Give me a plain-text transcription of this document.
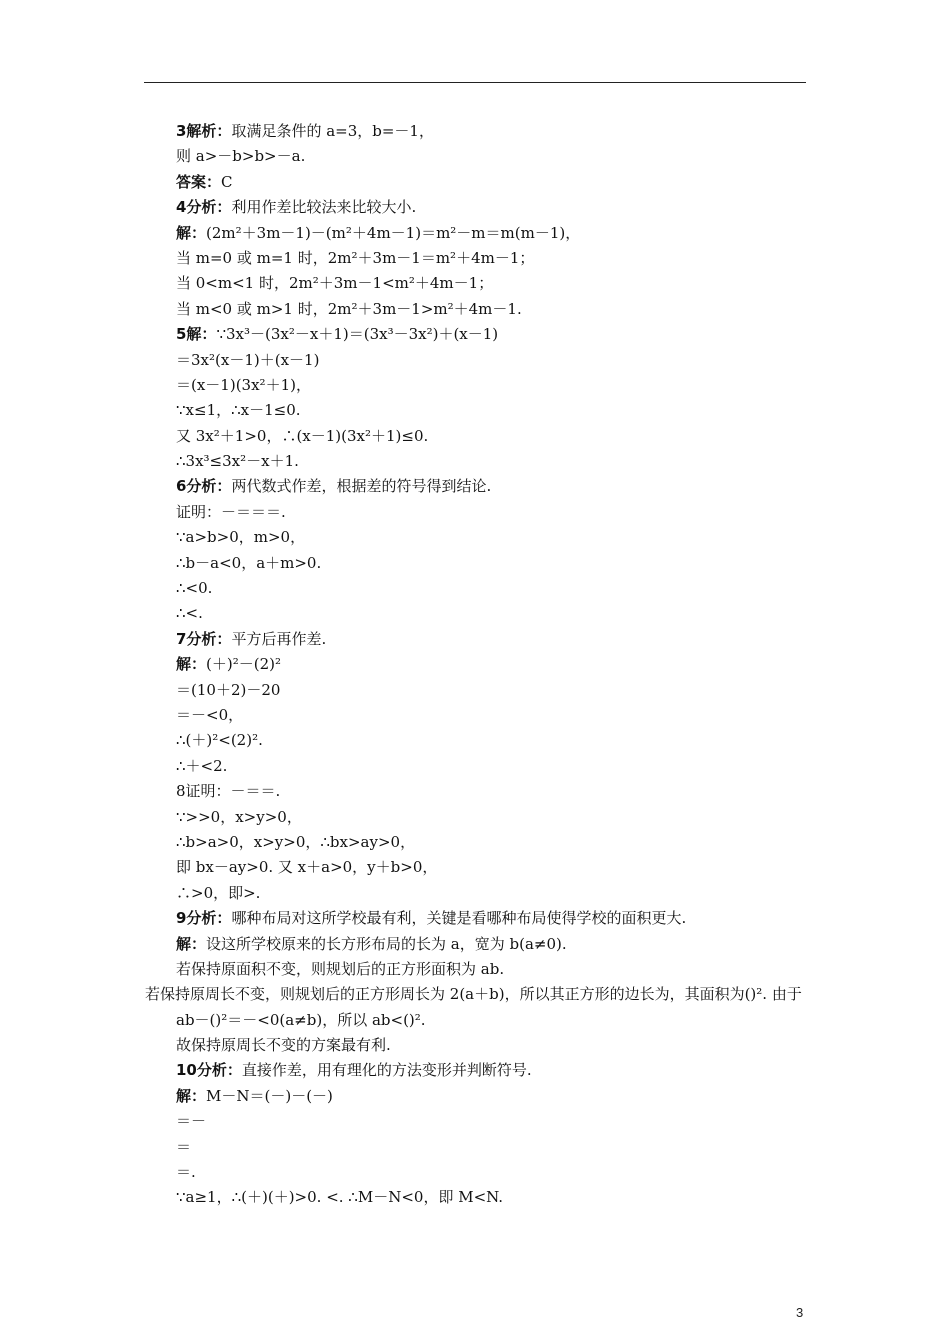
3解析：取满足条件的 a=3，b=－1，
则 a>－b>b>－a.
答案：C
4分析：利用作差比较法来比较大小.
解：(2m²＋3m－1)－(m²＋4m－1)＝m²－m＝m(m－1)，
当 m=0 或 m=1 时，2m²＋3m－1＝m²＋4m－1；
当 0<m<1 时，2m²＋3m－1<m²＋4m－1；
当 m<0 或 m>1 时，2m²＋3m－1>m²＋4m－1.
5解：∵3x³－(3x²－x＋1)＝(3x³－3x²)＋(x－1)
＝3x²(x－1)＋(x－1)
＝(x－1)(3x²＋1)，
∵x≤1，∴x－1≤0.
又 3x²＋1>0，∴(x－1)(3x²＋1)≤0.
∴3x³≤3x²－x＋1.
6分析：两代数式作差，根据差的符号得到结论.
证明：－＝＝＝.
∵a>b>0，m>0，
∴b－a<0，a＋m>0.
∴<0.
∴<.
7分析：平方后再作差.
解：(＋)²－(2)²
＝(10＋2)－20
＝－<0，
∴(＋)²<(2)².
∴＋<2.
8证明：－＝＝.
∵>>0，x>y>0，
∴b>a>0，x>y>0，∴bx>ay>0，
即 bx－ay>0. 又 x＋a>0，y＋b>0，
∴>0，即>.
9分析：哪种布局对这所学校最有利，关键是看哪种布局使得学校的面积更大.
解：设这所学校原来的长方形布局的长为 a，宽为 b(a≠0).
若保持原面积不变，则规划后的正方形面积为 ab.
若保持原周长不变，则规划后的正方形周长为 2(a＋b)，所以其正方形的边长为，其面积为()². 由于 ab－()²＝－<0(a≠b)，所以 ab<()².
故保持原周长不变的方案最有利.
10分析：直接作差，用有理化的方法变形并判断符号.
解：M－N＝(－)－(－)
＝－
＝
＝.
∵a≥1，∴(＋)(＋)>0. <. ∴M－N<0，即 M<N.
3
